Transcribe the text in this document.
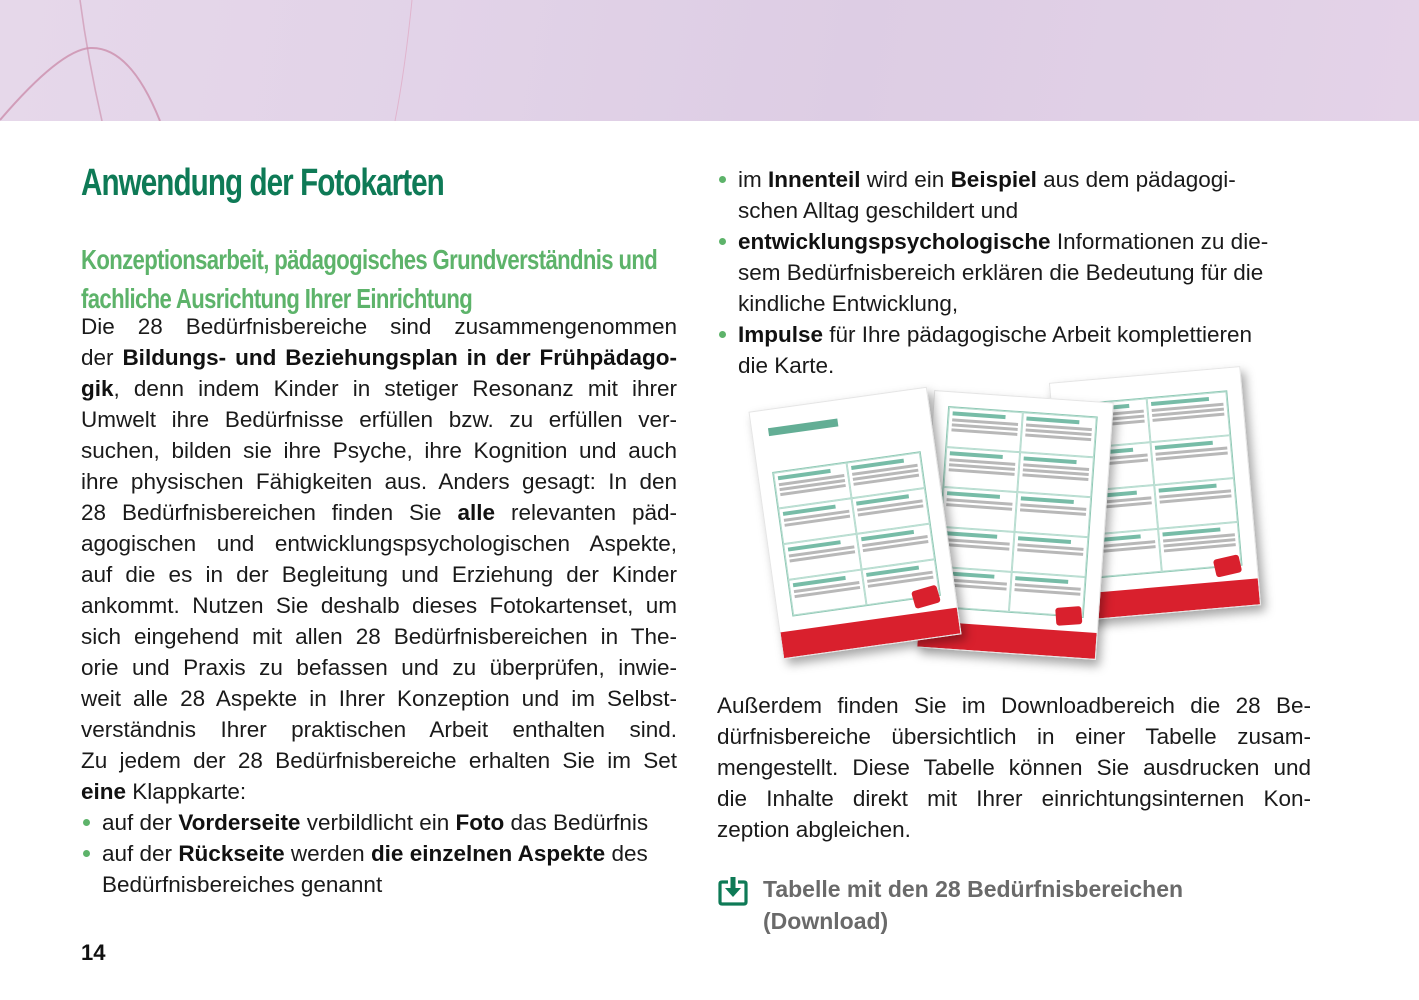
Anwendung der Fotokarten
Konzeptionsarbeit, pädagogisches Grundverständnis und
fachliche Ausrichtung Ihrer Einrichtung
Die 28 Bedürfnisbereiche sind zusammengenommen
der Bildungs- und Beziehungsplan in der Frühpädago-
gik, denn indem Kinder in stetiger Resonanz mit ihrer
Umwelt ihre Bedürfnisse erfüllen bzw. zu erfüllen ver-
suchen, bilden sie ihre Psyche, ihre Kognition und auch
ihre physischen Fähigkeiten aus. Anders gesagt: In den
28 Bedürfnisbereichen finden Sie alle relevanten päd-
agogischen und entwicklungspsychologischen Aspekte,
auf die es in der Begleitung und Erziehung der Kinder
ankommt. Nutzen Sie deshalb dieses Fotokartenset, um
sich eingehend mit allen 28 Bedürfnisbereichen in The-
orie und Praxis zu befassen und zu überprüfen, inwie-
weit alle 28 Aspekte in Ihrer Konzeption und im Selbst-
verständnis Ihrer praktischen Arbeit enthalten sind.
Zu jedem der 28 Bedürfnisbereiche erhalten Sie im Set
eine Klappkarte:
auf der Vorderseite verbildlicht ein Foto das Bedürfnis
auf der Rückseite werden die einzelnen Aspekte des
Bedürfnisbereiches genannt
14
im Innenteil wird ein Beispiel aus dem pädagogi-
schen Alltag geschildert und
entwicklungspsychologische Informationen zu die-
sem Bedürfnisbereich erklären die Bedeutung für die
kindliche Entwicklung,
Impulse für Ihre pädagogische Arbeit komplettieren
die Karte.
Außerdem finden Sie im Downloadbereich die 28 Be-
dürfnisbereiche übersichtlich in einer Tabelle zusam-
mengestellt. Diese Tabelle können Sie ausdrucken und
die Inhalte direkt mit Ihrer einrichtungsinternen Kon-
zeption abgleichen.
Tabelle mit den 28 Bedürfnisbereichen
(Download)
